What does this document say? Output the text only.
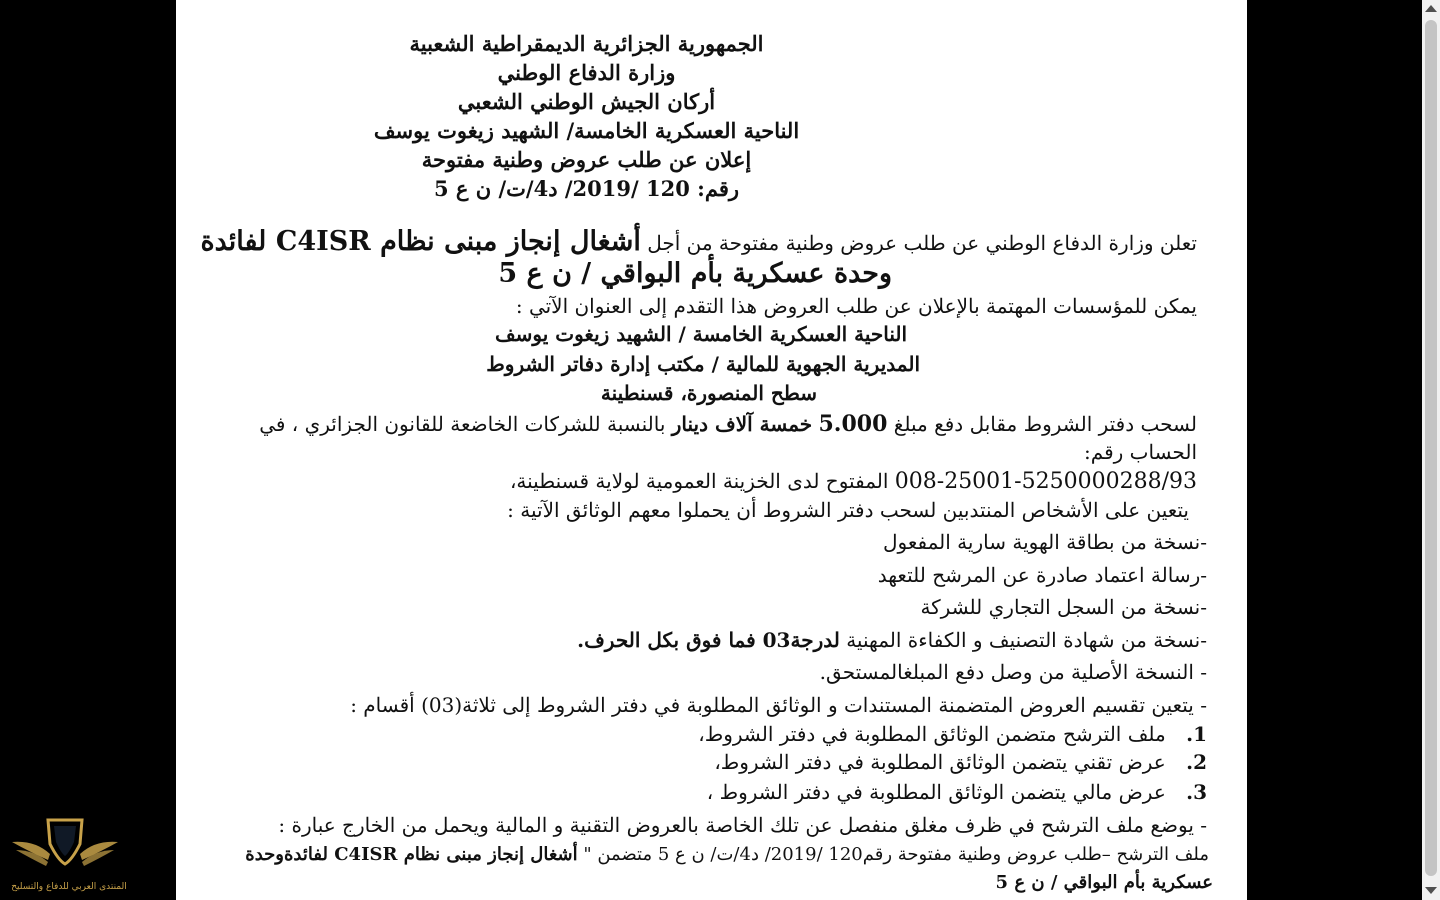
الجمهورية الجزائرية الديمقراطية الشعبية
وزارة الدفاع الوطني
أركان الجيش الوطني الشعبي
الناحية العسكرية الخامسة/ الشهيد زيغوت يوسف
إعلان عن طلب عروض وطنية مفتوحة
رقم: 120 /2019/ د4/ت/ ن ع 5
تعلن وزارة الدفاع الوطني عن طلب عروض وطنية مفتوحة من أجل أشغال إنجاز مبنى نظام C4ISR لفائدة
وحدة عسكرية بأم البواقي / ن ع 5
يمكن للمؤسسات المهتمة بالإعلان عن طلب العروض هذا التقدم إلى العنوان الآتي :
الناحية العسكرية الخامسة / الشهيد زيغوت يوسف
المديرية الجهوية للمالية / مكتب إدارة دفاتر الشروط
سطح المنصورة، قسنطينة
لسحب دفتر الشروط مقابل دفع مبلغ 5.000 خمسة آلاف دينار بالنسبة للشركات الخاضعة للقانون الجزائري ، في
الحساب رقم:
008-25001-5250000288/93 المفتوح لدى الخزينة العمومية لولاية قسنطينة،
يتعين على الأشخاص المنتدبين لسحب دفتر الشروط أن يحملوا معهم الوثائق الآتية :
-نسخة من بطاقة الهوية سارية المفعول
-رسالة اعتماد صادرة عن المرشح للتعهد
-نسخة من السجل التجاري للشركة
-نسخة من شهادة التصنيف و الكفاءة المهنية لدرجة03 فما فوق بكل الحرف.
- النسخة الأصلية من وصل دفع المبلغالمستحق.
- يتعين تقسيم العروض المتضمنة المستندات و الوثائق المطلوبة في دفتر الشروط إلى ثلاثة(03) أقسام :
1. ملف الترشح متضمن الوثائق المطلوبة في دفتر الشروط،
2. عرض تقني يتضمن الوثائق المطلوبة في دفتر الشروط،
3. عرض مالي يتضمن الوثائق المطلوبة في دفتر الشروط ،
- يوضع ملف الترشح في ظرف مغلق منفصل عن تلك الخاصة بالعروض التقنية و المالية ويحمل من الخارج عبارة :
ملف الترشح –طلب عروض وطنية مفتوحة رقم120 /2019/ د4/ت/ ن ع 5 متضمن " أشغال إنجاز مبنى نظام C4ISR لفائدةوحدة
عسكرية بأم البواقي / ن ع 5
المنتدى العربي للدفاع والتسليح
